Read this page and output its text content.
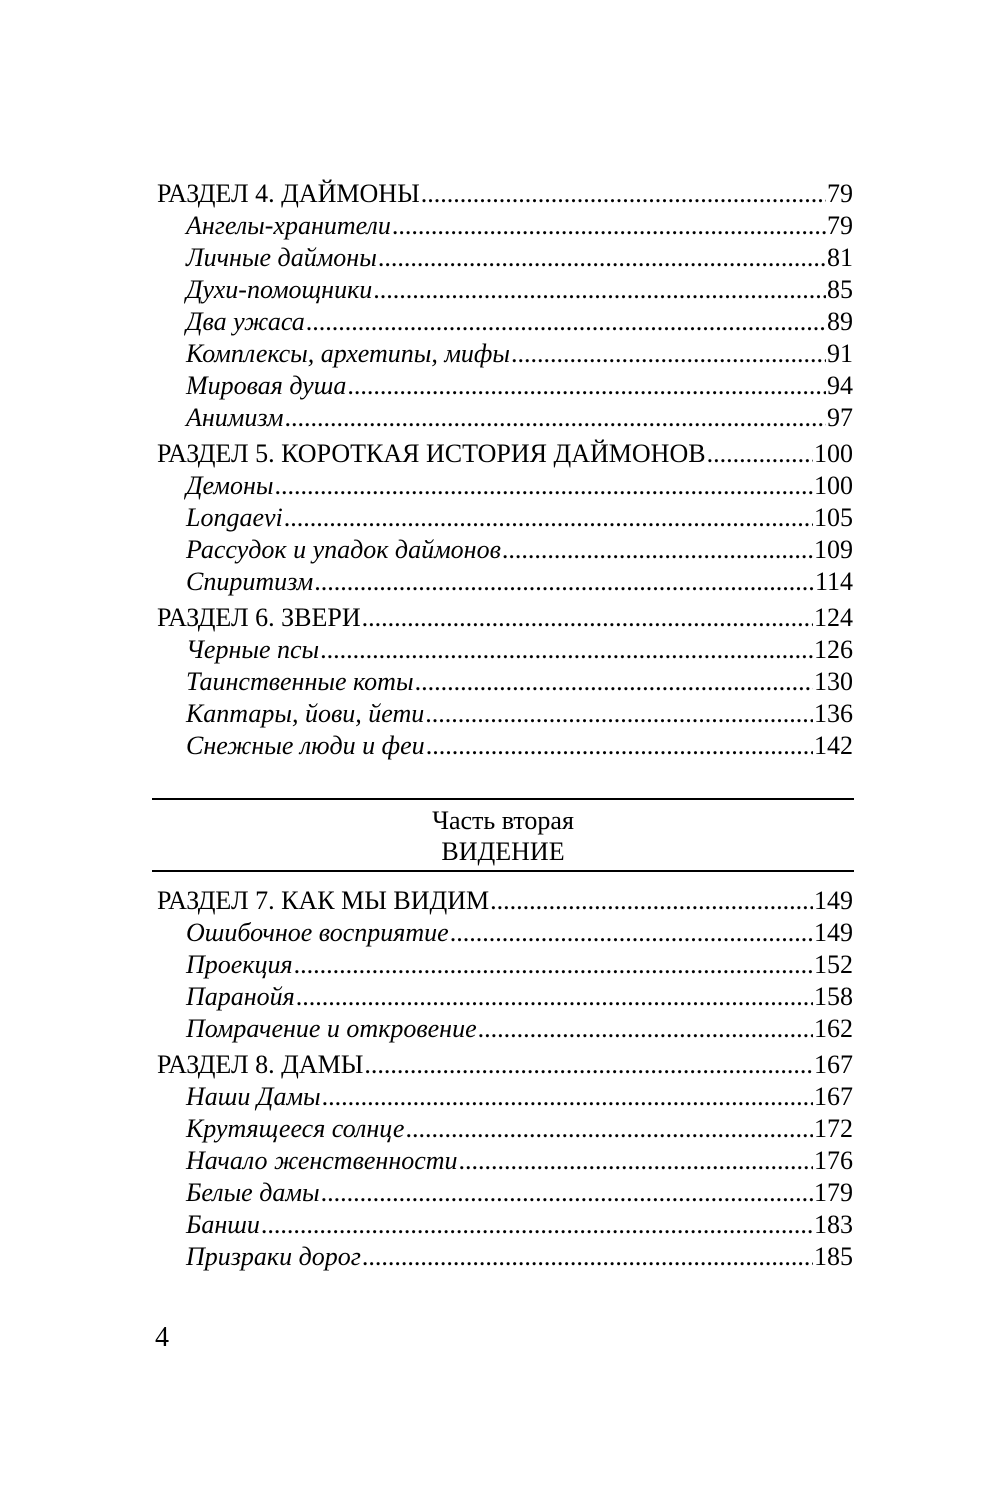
РАЗДЕЛ 4. ДАЙМОНЫ .....	79
Ангелы-хранители .....	79
Личные даймоны .....	81
Духи-помощники .....	85
Два ужаса .....	89
Комплексы, архетипы, мифы .....	91
Мировая душа .....	94
Анимизм .....	97
РАЗДЕЛ 5. КОРОТКАЯ ИСТОРИЯ ДАЙМОНОВ .....	100
Демоны .....	100
Longaevi .....	105
Рассудок и упадок даймонов .....	109
Спиритизм .....	114
РАЗДЕЛ 6. ЗВЕРИ .....	124
Черные псы .....	126
Таинственные коты .....	130
Каптары, йови, йети .....	136
Снежные люди и феи .....	142
Часть вторая
ВИДЕНИЕ
РАЗДЕЛ 7. КАК МЫ ВИДИМ .....	149
Ошибочное восприятие .....	149
Проекция .....	152
Паранойя .....	158
Помрачение и откровение .....	162
РАЗДЕЛ 8. ДАМЫ .....	167
Наши Дамы .....	167
Крутящееся солнце .....	172
Начало женственности .....	176
Белые дамы .....	179
Банши .....	183
Призраки дорог .....	185
4
